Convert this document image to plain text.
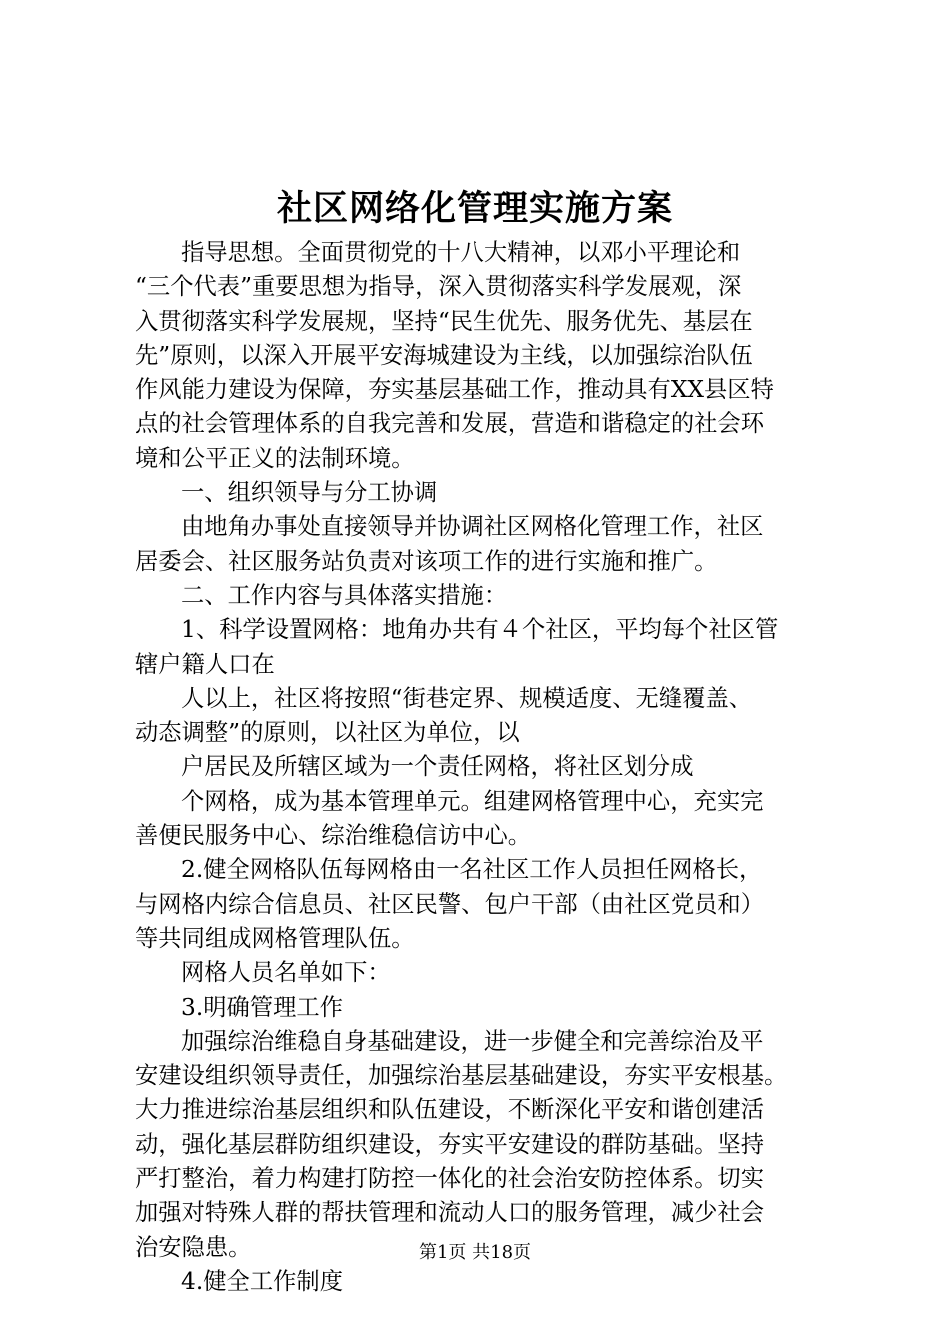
社区网络化管理实施方案
指导思想。全面贯彻党的十八大精神，以邓小平理论和
“三个代表”重要思想为指导，深入贯彻落实科学发展观，深
入贯彻落实科学发展规，坚持“民生优先、服务优先、基层在
先”原则，以深入开展平安海城建设为主线，以加强综治队伍
作风能力建设为保障，夯实基层基础工作，推动具有XX县区特
点的社会管理体系的自我完善和发展，营造和谐稳定的社会环
境和公平正义的法制环境。
一、组织领导与分工协调
由地角办事处直接领导并协调社区网格化管理工作，社区
居委会、社区服务站负责对该项工作的进行实施和推广。
二、工作内容与具体落实措施：
1、科学设置网格：地角办共有４个社区，平均每个社区管
辖户籍人口在
人以上，社区将按照“街巷定界、规模适度、无缝覆盖、
动态调整”的原则，以社区为单位，以
户居民及所辖区域为一个责任网格，将社区划分成
个网格，成为基本管理单元。组建网格管理中心，充实完
善便民服务中心、综治维稳信访中心。
2.健全网格队伍每网格由一名社区工作人员担任网格长，
与网格内综合信息员、社区民警、包户干部（由社区党员和）
等共同组成网格管理队伍。
网格人员名单如下：
3.明确管理工作
加强综治维稳自身基础建设，进一步健全和完善综治及平
安建设组织领导责任，加强综治基层基础建设，夯实平安根基。
大力推进综治基层组织和队伍建设，不断深化平安和谐创建活
动，强化基层群防组织建设，夯实平安建设的群防基础。坚持
严打整治，着力构建打防控一体化的社会治安防控体系。切实
加强对特殊人群的帮扶管理和流动人口的服务管理，减少社会
治安隐患。
4.健全工作制度
第1页 共18页
